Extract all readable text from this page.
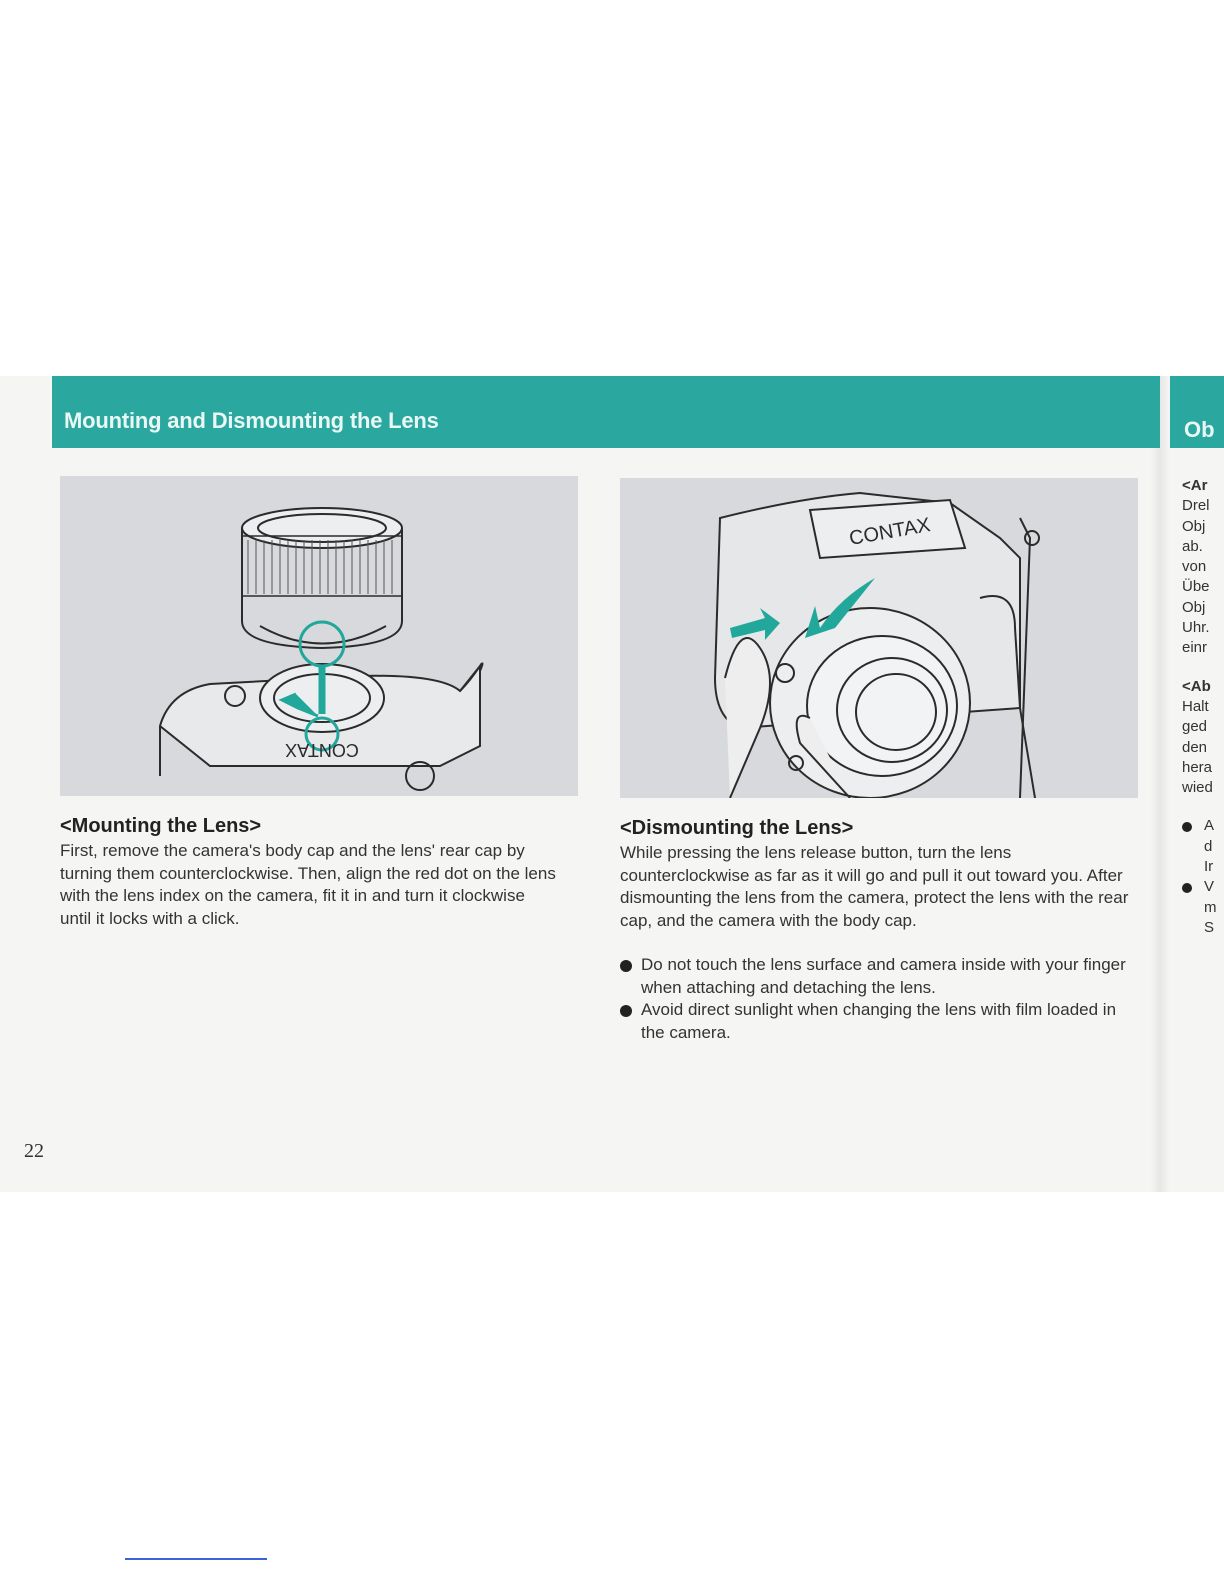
Mounting and Dismounting the Lens	Ob
CONTAX
CONTAX
<Mounting the Lens>

First, remove the camera's body cap and the lens' rear cap by turning them counterclockwise. Then, align the red dot on the lens with the lens index on the camera, fit it in and turn it clockwise until it locks with a click.

<Dismounting the Lens>

While pressing the lens release button, turn the lens counterclockwise as far as it will go and pull it out toward you. After dismounting the lens from the camera, protect the lens with the rear cap, and the camera with the body cap.

Do not touch the lens surface and camera inside with your finger when attaching and detaching the lens.
Avoid direct sunlight when changing the lens with film loaded in the camera.
22
<Ar
Drel
Obj
ab.
von
Übe
Obj
Uhr.
einr
<Ab
Halt
ged
den
hera
wied
A
d
Ir
V
m
S
